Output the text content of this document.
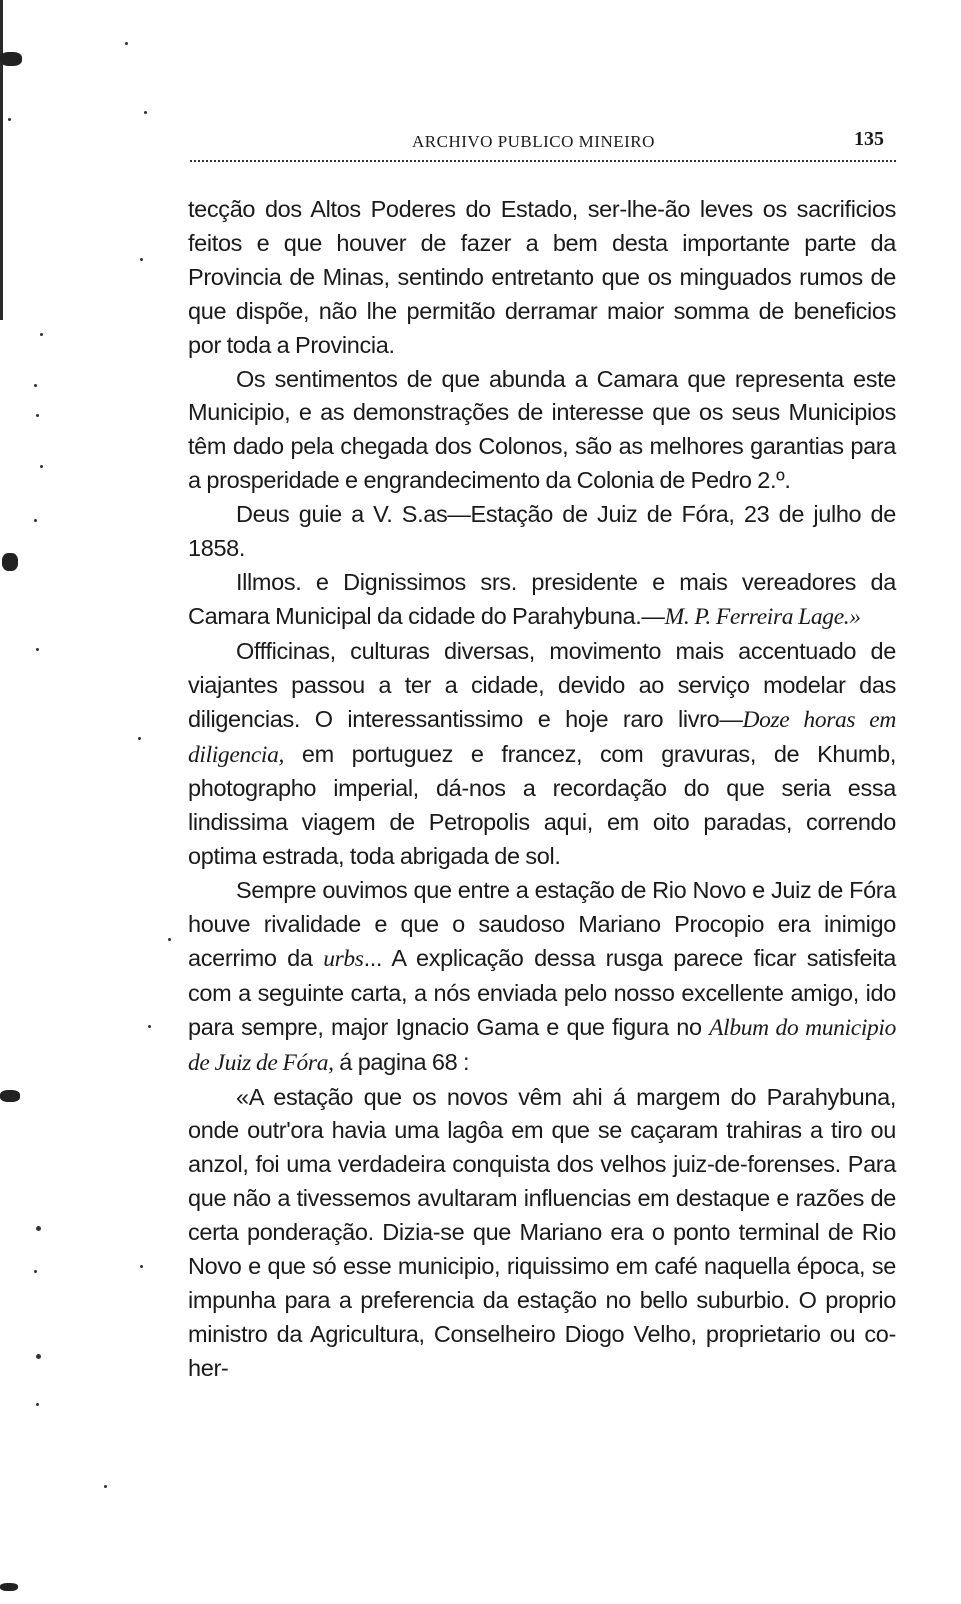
ARCHIVO PUBLICO MINEIRO	135

tecção dos Altos Poderes do Estado, ser-lhe-ão leves os sacrificios feitos e que houver de fazer a bem desta importante parte da Provincia de Minas, sentindo entretanto que os minguados rumos de que dispõe, não lhe permitão derramar maior somma de beneficios por toda a Provincia.

Os sentimentos de que abunda a Camara que representa este Municipio, e as demonstrações de interesse que os seus Municipios têm dado pela chegada dos Colonos, são as melhores garantias para a prosperidade e engrandecimento da Colonia de Pedro 2.º.

Deus guie a V. S.as—Estação de Juiz de Fóra, 23 de julho de 1858.

Illmos. e Dignissimos srs. presidente e mais vereadores da Camara Municipal da cidade do Parahybuna.—M. P. Ferreira Lage.»

Offficinas, culturas diversas, movimento mais accentuado de viajantes passou a ter a cidade, devido ao serviço modelar das diligencias. O interessantissimo e hoje raro livro—Doze horas em diligencia, em portuguez e francez, com gravuras, de Khumb, photographo imperial, dá-nos a recordação do que seria essa lindissima viagem de Petropolis aqui, em oito paradas, correndo optima estrada, toda abrigada de sol.

Sempre ouvimos que entre a estação de Rio Novo e Juiz de Fóra houve rivalidade e que o saudoso Mariano Procopio era inimigo acerrimo da urbs... A explicação dessa rusga parece ficar satisfeita com a seguinte carta, a nós enviada pelo nosso excellente amigo, ido para sempre, major Ignacio Gama e que figura no Album do municipio de Juiz de Fóra, á pagina 68 :

«A estação que os novos vêm ahi á margem do Parahybuna, onde outr'ora havia uma lagôa em que se caçaram trahiras a tiro ou anzol, foi uma verdadeira conquista dos velhos juiz-de-forenses. Para que não a tivessemos avultaram influencias em destaque e razões de certa ponderação. Dizia-se que Mariano era o ponto terminal de Rio Novo e que só esse municipio, riquissimo em café naquella época, se impunha para a preferencia da estação no bello suburbio. O proprio ministro da Agricultura, Conselheiro Diogo Velho, proprietario ou co-her-
